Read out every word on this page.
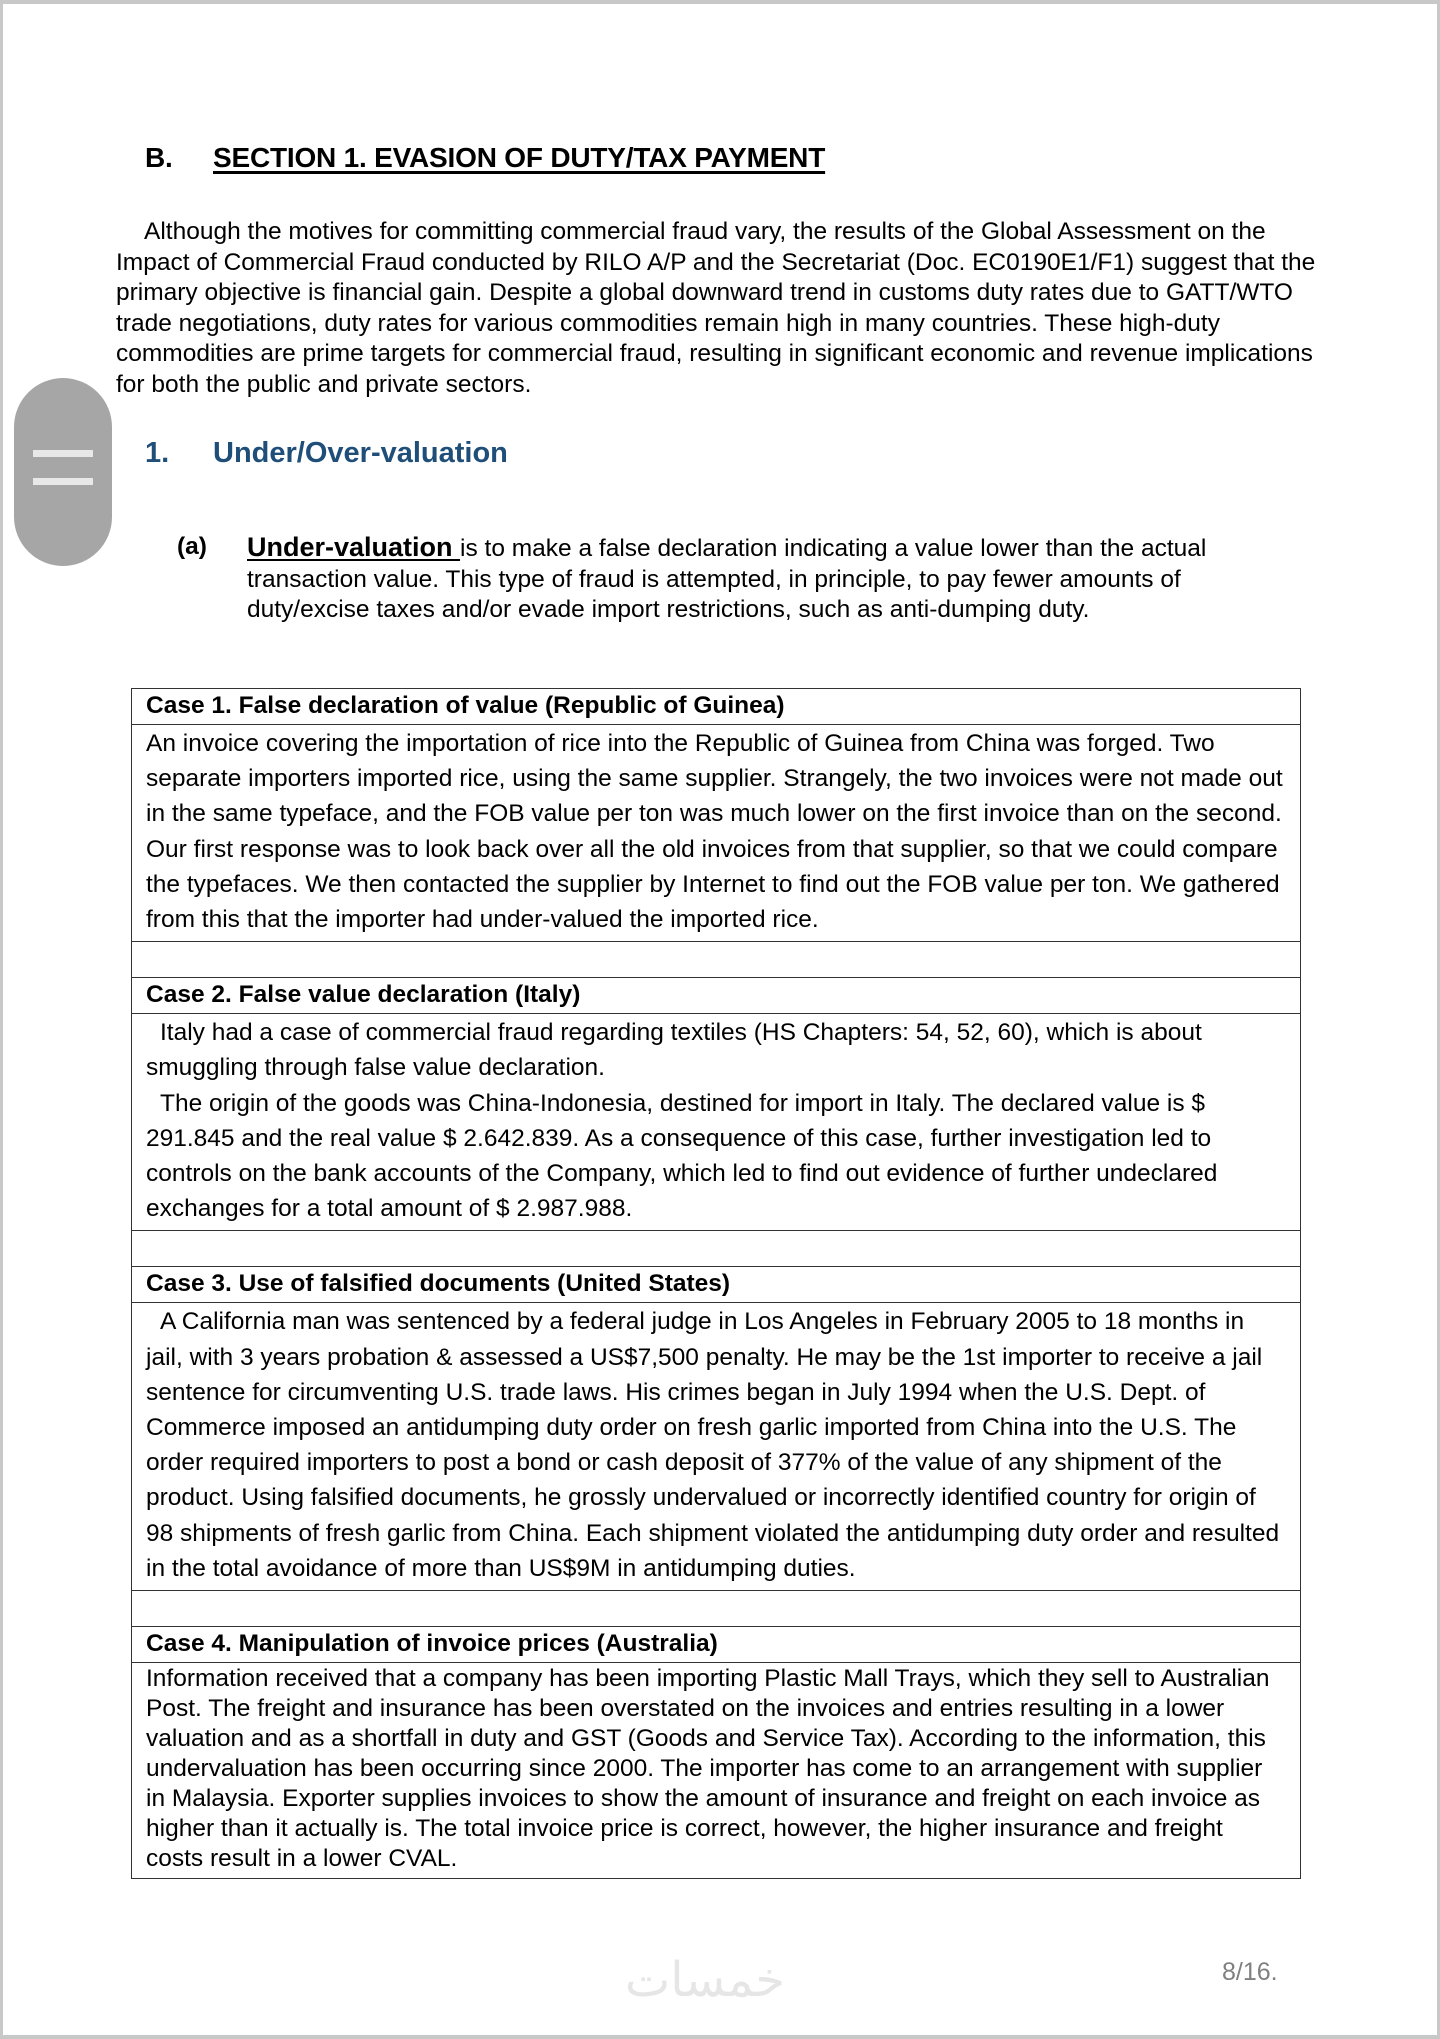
B.	SECTION 1. EVASION OF DUTY/TAX PAYMENT

Although the motives for committing commercial fraud vary, the results of the Global Assessment on the Impact of Commercial Fraud conducted by RILO A/P and the Secretariat (Doc. EC0190E1/F1) suggest that the primary objective is financial gain. Despite a global downward trend in customs duty rates due to GATT/WTO trade negotiations, duty rates for various commodities remain high in many countries. These high-duty commodities are prime targets for commercial fraud, resulting in significant economic and revenue implications for both the public and private sectors.

1.	Under/Over-valuation
(a)	Under-valuation is to make a false declaration indicating a value lower than the actual transaction value. This type of fraud is attempted, in principle, to pay fewer amounts of duty/excise taxes and/or evade import restrictions, such as anti-dumping duty.
Case 1. False declaration of value (Republic of Guinea)

An invoice covering the importation of rice into the Republic of Guinea from China was forged. Two separate importers imported rice, using the same supplier. Strangely, the two invoices were not made out in the same typeface, and the FOB value per ton was much lower on the first invoice than on the second. Our first response was to look back over all the old invoices from that supplier, so that we could compare the typefaces. We then contacted the supplier by Internet to find out the FOB value per ton. We gathered from this that the importer had under-valued the imported rice.

Case 2. False value declaration (Italy)

Italy had a case of commercial fraud regarding textiles (HS Chapters: 54, 52, 60), which is about smuggling through false value declaration.

The origin of the goods was China-Indonesia, destined for import in Italy. The declared value is $ 291.845 and the real value $ 2.642.839. As a consequence of this case, further investigation led to controls on the bank accounts of the Company, which led to find out evidence of further undeclared exchanges for a total amount of $ 2.987.988.

Case 3. Use of falsified documents (United States)

A California man was sentenced by a federal judge in Los Angeles in February 2005 to 18 months in jail, with 3 years probation & assessed a US$7,500 penalty. He may be the 1st importer to receive a jail sentence for circumventing U.S. trade laws. His crimes began in July 1994 when the U.S. Dept. of Commerce imposed an antidumping duty order on fresh garlic imported from China into the U.S. The order required importers to post a bond or cash deposit of 377% of the value of any shipment of the product. Using falsified documents, he grossly undervalued or incorrectly identified country for origin of 98 shipments of fresh garlic from China. Each shipment violated the antidumping duty order and resulted in the total avoidance of more than US$9M in antidumping duties.

Case 4. Manipulation of invoice prices (Australia)

Information received that a company has been importing Plastic Mall Trays, which they sell to Australian Post. The freight and insurance has been overstated on the invoices and entries resulting in a lower valuation and as a shortfall in duty and GST (Goods and Service Tax). According to the information, this undervaluation has been occurring since 2000. The importer has come to an arrangement with supplier in Malaysia. Exporter supplies invoices to show the amount of insurance and freight on each invoice as higher than it actually is. The total invoice price is correct, however, the higher insurance and freight costs result in a lower CVAL.

خمسات	8/16.
